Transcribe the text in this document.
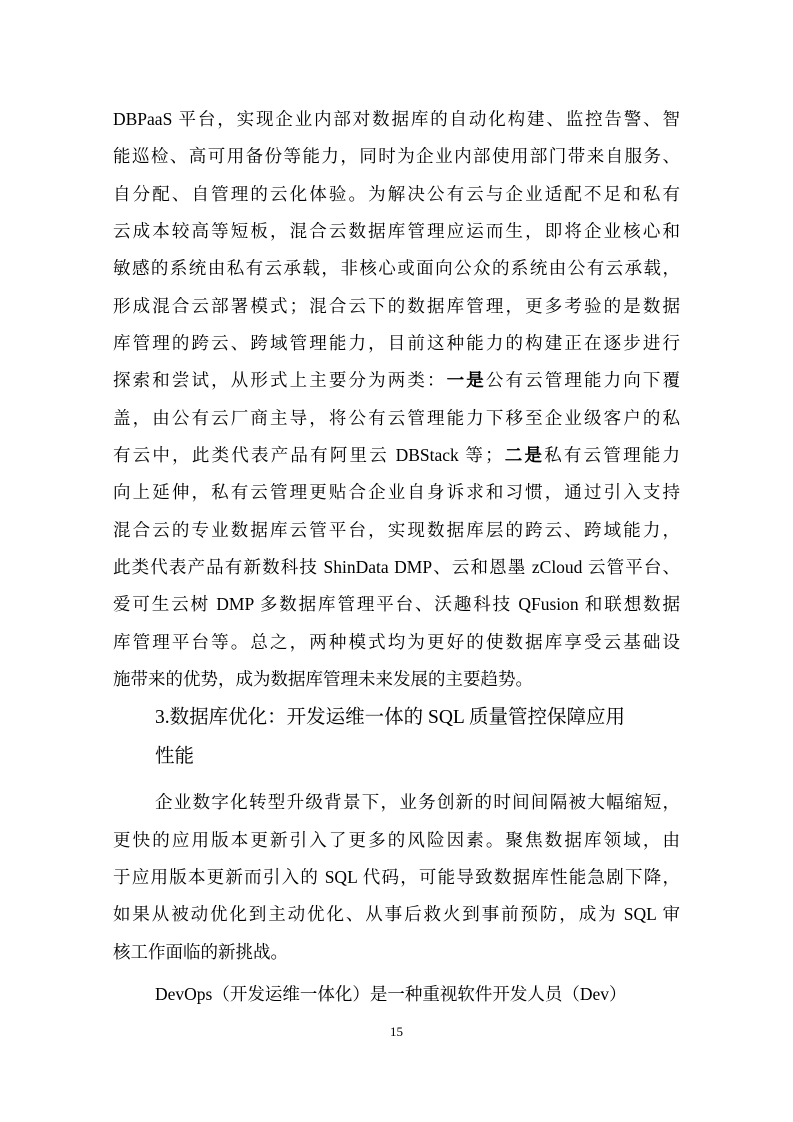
DBPaaS 平台，实现企业内部对数据库的自动化构建、监控告警、智
能巡检、高可用备份等能力，同时为企业内部使用部门带来自服务、
自分配、自管理的云化体验。为解决公有云与企业适配不足和私有
云成本较高等短板，混合云数据库管理应运而生，即将企业核心和
敏感的系统由私有云承载，非核心或面向公众的系统由公有云承载，
形成混合云部署模式；混合云下的数据库管理，更多考验的是数据
库管理的跨云、跨域管理能力，目前这种能力的构建正在逐步进行
探索和尝试，从形式上主要分为两类：一是公有云管理能力向下覆
盖，由公有云厂商主导，将公有云管理能力下移至企业级客户的私
有云中，此类代表产品有阿里云 DBStack 等；二是私有云管理能力
向上延伸，私有云管理更贴合企业自身诉求和习惯，通过引入支持
混合云的专业数据库云管平台，实现数据库层的跨云、跨域能力，
此类代表产品有新数科技 ShinData DMP、云和恩墨 zCloud 云管平台、
爱可生云树 DMP 多数据库管理平台、沃趣科技 QFusion 和联想数据
库管理平台等。总之，两种模式均为更好的使数据库享受云基础设
施带来的优势，成为数据库管理未来发展的主要趋势。
3.数据库优化：开发运维一体的 SQL 质量管控保障应用
性能
企业数字化转型升级背景下，业务创新的时间间隔被大幅缩短，
更快的应用版本更新引入了更多的风险因素。聚焦数据库领域，由
于应用版本更新而引入的 SQL 代码，可能导致数据库性能急剧下降，
如果从被动优化到主动优化、从事后救火到事前预防，成为 SQL 审
核工作面临的新挑战。
DevOps（开发运维一体化）是一种重视软件开发人员（Dev）
15
